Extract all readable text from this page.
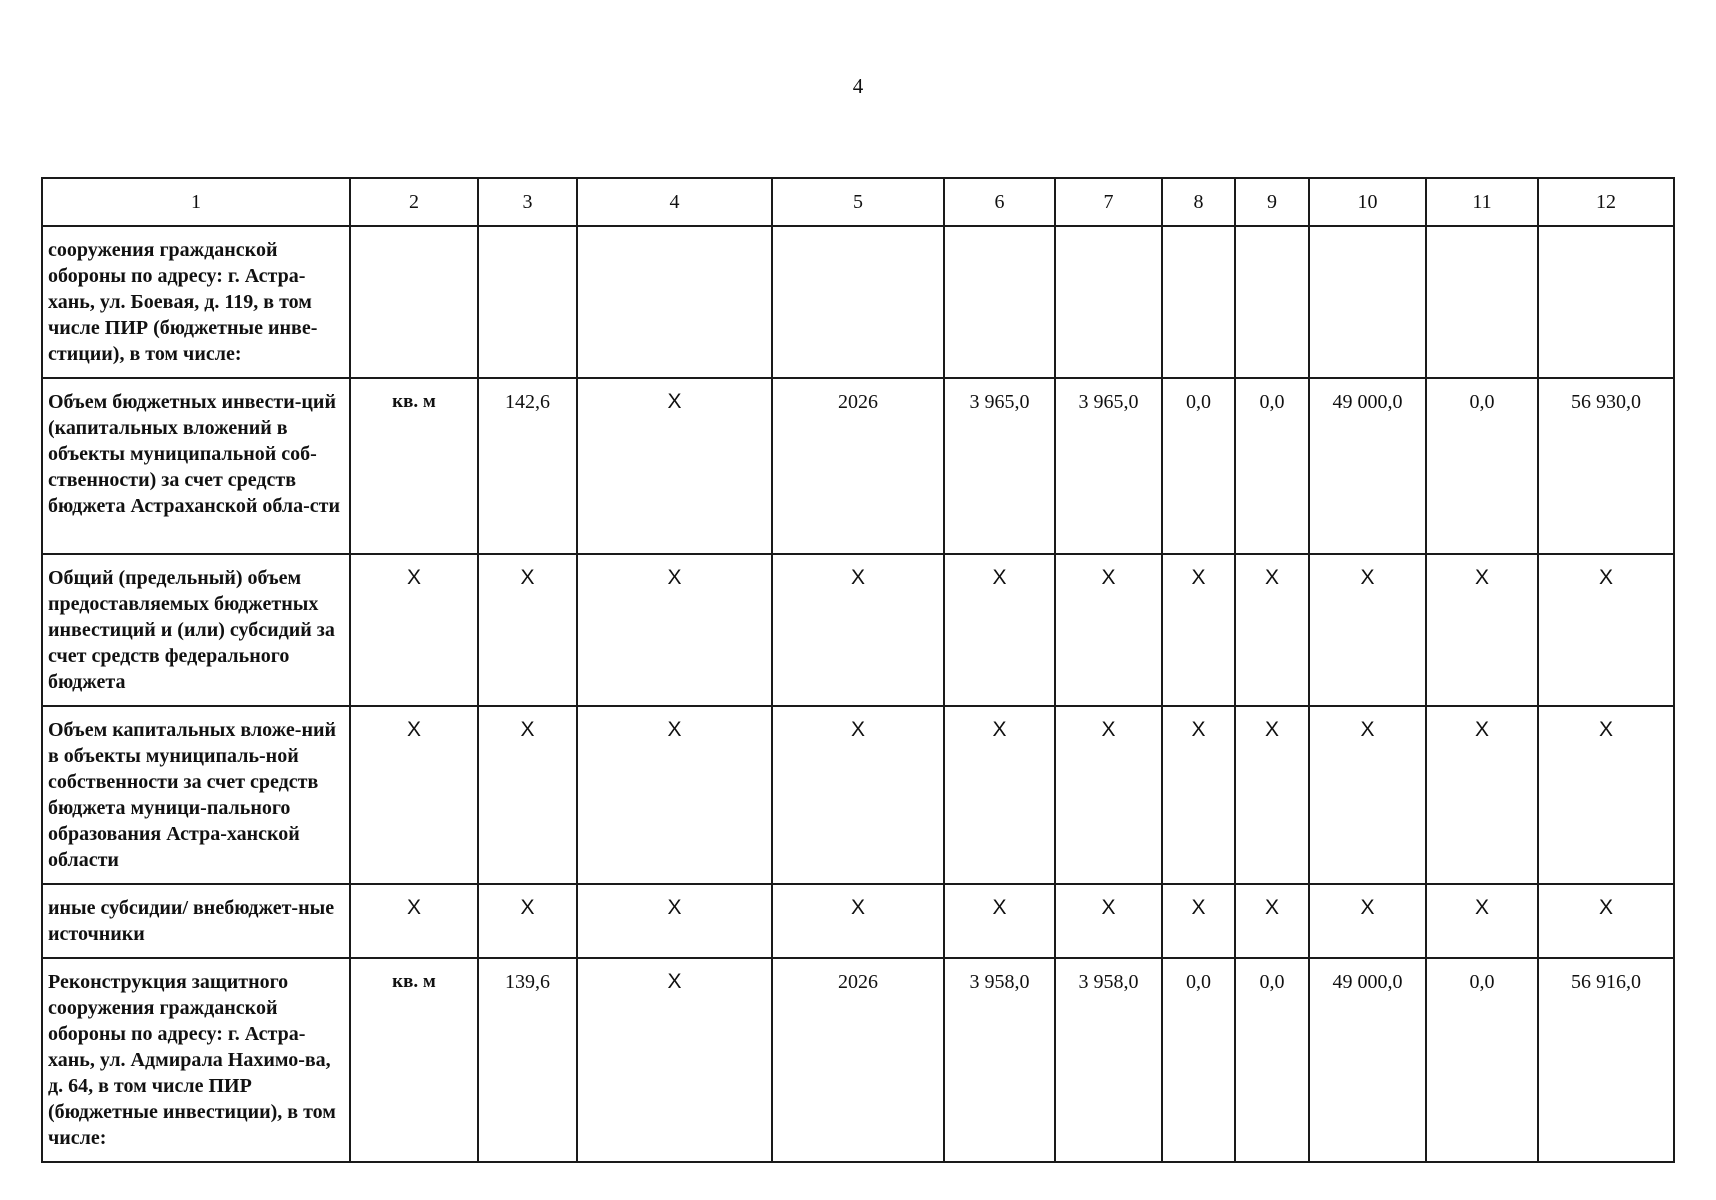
4
1	2	3	4	5	6	7	8	9	10	11	12
сооружения гражданской обороны по адресу: г. Астра-хань, ул. Боевая, д. 119, в том числе ПИР (бюджетные инве-стиции), в том числе:											
Объем бюджетных инвести-ций (капитальных вложений в объекты муниципальной соб-ственности) за счет средств бюджета Астраханской обла-сти	кв. м	142,6	X	2026	3 965,0	3 965,0	0,0	0,0	49 000,0	0,0	56 930,0
Общий (предельный) объем предоставляемых бюджетных инвестиций и (или) субсидий за счет средств федерального бюджета	X	X	X	X	X	X	X	X	X	X	X
Объем капитальных вложе-ний в объекты муниципаль-ной собственности за счет средств бюджета муници-пального образования Астра-ханской области	X	X	X	X	X	X	X	X	X	X	X
иные субсидии/ внебюджет-ные источники	X	X	X	X	X	X	X	X	X	X	X
Реконструкция защитного сооружения гражданской обороны по адресу: г. Астра-хань, ул. Адмирала Нахимо-ва, д. 64, в том числе ПИР (бюджетные инвестиции), в том числе:	кв. м	139,6	X	2026	3 958,0	3 958,0	0,0	0,0	49 000,0	0,0	56 916,0
